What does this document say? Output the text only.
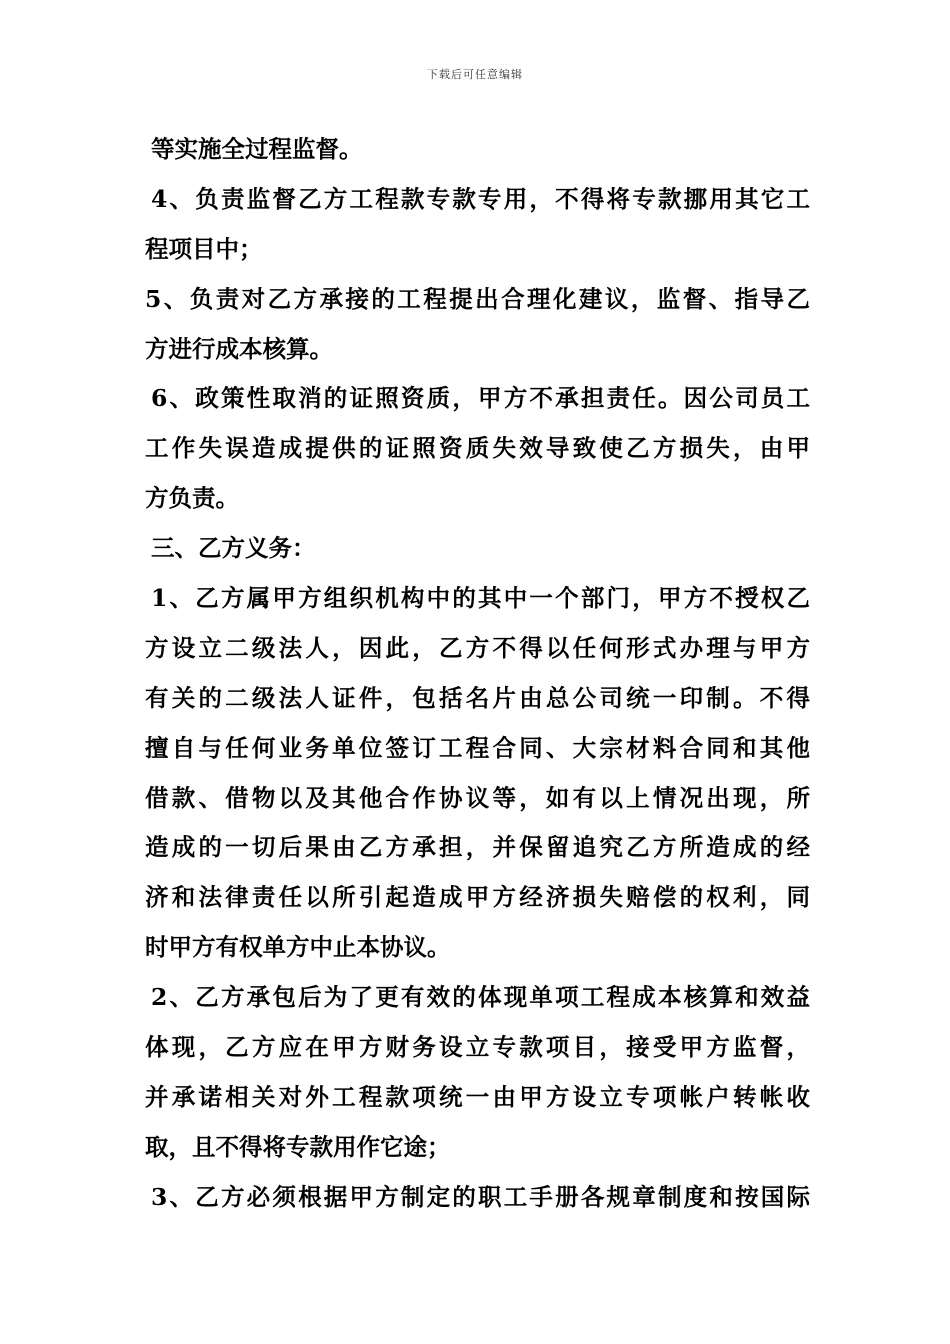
下载后可任意编辑
等实施全过程监督。
4、负责监督乙方工程款专款专用，不得将专款挪用其它工
程项目中；
5、负责对乙方承接的工程提出合理化建议，监督、指导乙
方进行成本核算。
6、政策性取消的证照资质，甲方不承担责任。因公司员工
工作失误造成提供的证照资质失效导致使乙方损失，由甲
方负责。
三、乙方义务：
1、乙方属甲方组织机构中的其中一个部门，甲方不授权乙
方设立二级法人，因此，乙方不得以任何形式办理与甲方
有关的二级法人证件，包括名片由总公司统一印制。不得
擅自与任何业务单位签订工程合同、大宗材料合同和其他
借款、借物以及其他合作协议等，如有以上情况出现，所
造成的一切后果由乙方承担，并保留追究乙方所造成的经
济和法律责任以所引起造成甲方经济损失赔偿的权利，同
时甲方有权单方中止本协议。
2、乙方承包后为了更有效的体现单项工程成本核算和效益
体现，乙方应在甲方财务设立专款项目，接受甲方监督，
并承诺相关对外工程款项统一由甲方设立专项帐户转帐收
取，且不得将专款用作它途；
3、乙方必须根据甲方制定的职工手册各规章制度和按国际
